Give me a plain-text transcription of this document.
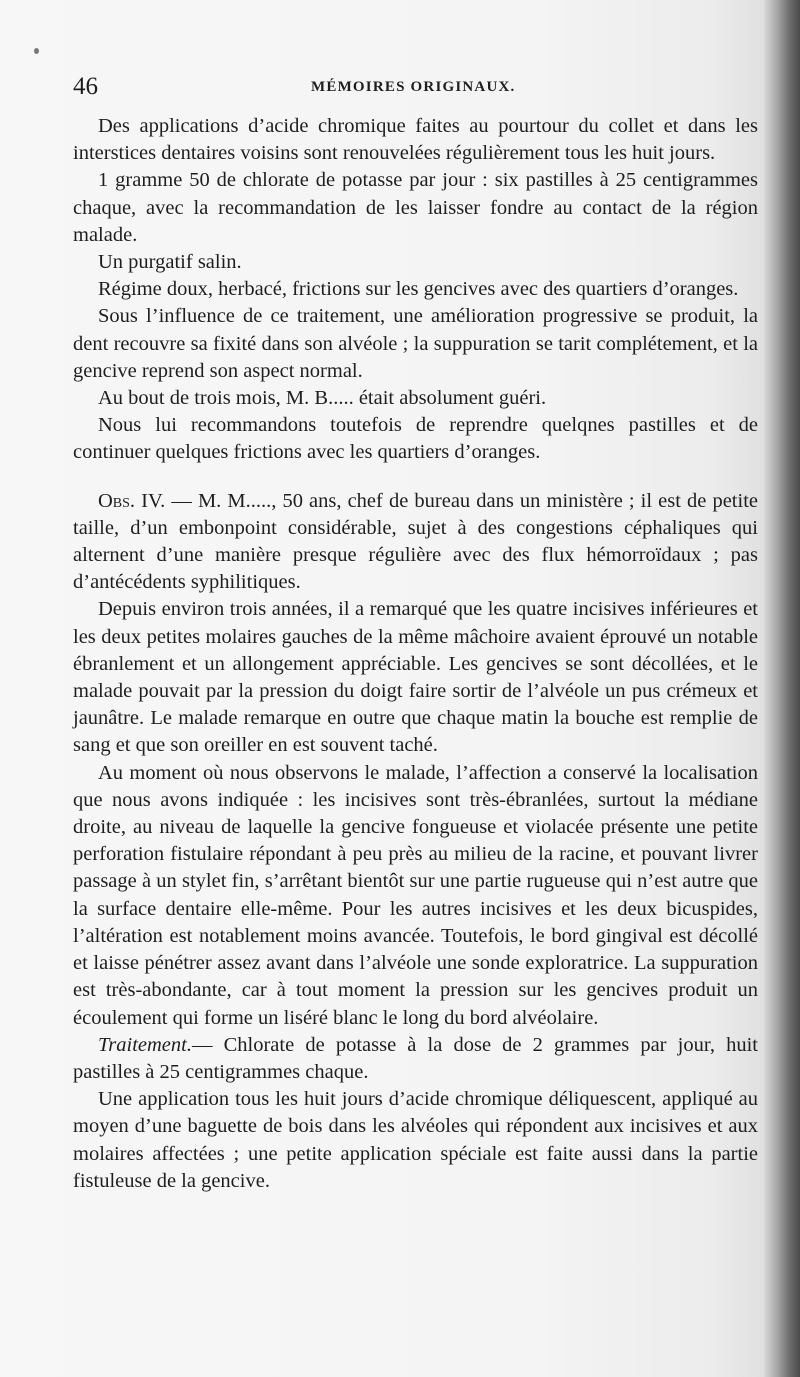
46	MÉMOIRES ORIGINAUX.

Des applications d’acide chromique faites au pourtour du collet et dans les interstices dentaires voisins sont renouvelées régulièrement tous les huit jours.

1 gramme 50 de chlorate de potasse par jour : six pastilles à 25 centigrammes chaque, avec la recommandation de les laisser fondre au contact de la région malade.

Un purgatif salin.

Régime doux, herbacé, frictions sur les gencives avec des quartiers d’oranges.

Sous l’influence de ce traitement, une amélioration progressive se produit, la dent recouvre sa fixité dans son alvéole ; la suppuration se tarit complétement, et la gencive reprend son aspect normal.

Au bout de trois mois, M. B..... était absolument guéri.

Nous lui recommandons toutefois de reprendre quelqnes pastilles et de continuer quelques frictions avec les quartiers d’oranges.

Obs. IV. — M. M....., 50 ans, chef de bureau dans un ministère ; il est de petite taille, d’un embonpoint considérable, sujet à des congestions céphaliques qui alternent d’une manière presque régulière avec des flux hémorroïdaux ; pas d’antécédents syphilitiques.

Depuis environ trois années, il a remarqué que les quatre incisives inférieures et les deux petites molaires gauches de la même mâchoire avaient éprouvé un notable ébranlement et un allongement appréciable. Les gencives se sont décollées, et le malade pouvait par la pression du doigt faire sortir de l’alvéole un pus crémeux et jaunâtre. Le malade remarque en outre que chaque matin la bouche est remplie de sang et que son oreiller en est souvent taché.

Au moment où nous observons le malade, l’affection a conservé la localisation que nous avons indiquée : les incisives sont très-ébranlées, surtout la médiane droite, au niveau de laquelle la gencive fongueuse et violacée présente une petite perforation fistulaire répondant à peu près au milieu de la racine, et pouvant livrer passage à un stylet fin, s’arrêtant bientôt sur une partie rugueuse qui n’est autre que la surface dentaire elle-même. Pour les autres incisives et les deux bicuspides, l’altération est notablement moins avancée. Toutefois, le bord gingival est décollé et laisse pénétrer assez avant dans l’alvéole une sonde exploratrice. La suppuration est très-abondante, car à tout moment la pression sur les gencives produit un écoulement qui forme un liséré blanc le long du bord alvéolaire.

Traitement.— Chlorate de potasse à la dose de 2 grammes par jour, huit pastilles à 25 centigrammes chaque.

Une application tous les huit jours d’acide chromique déliquescent, appliqué au moyen d’une baguette de bois dans les alvéoles qui répondent aux incisives et aux molaires affectées ; une petite application spéciale est faite aussi dans la partie fistuleuse de la gencive.
